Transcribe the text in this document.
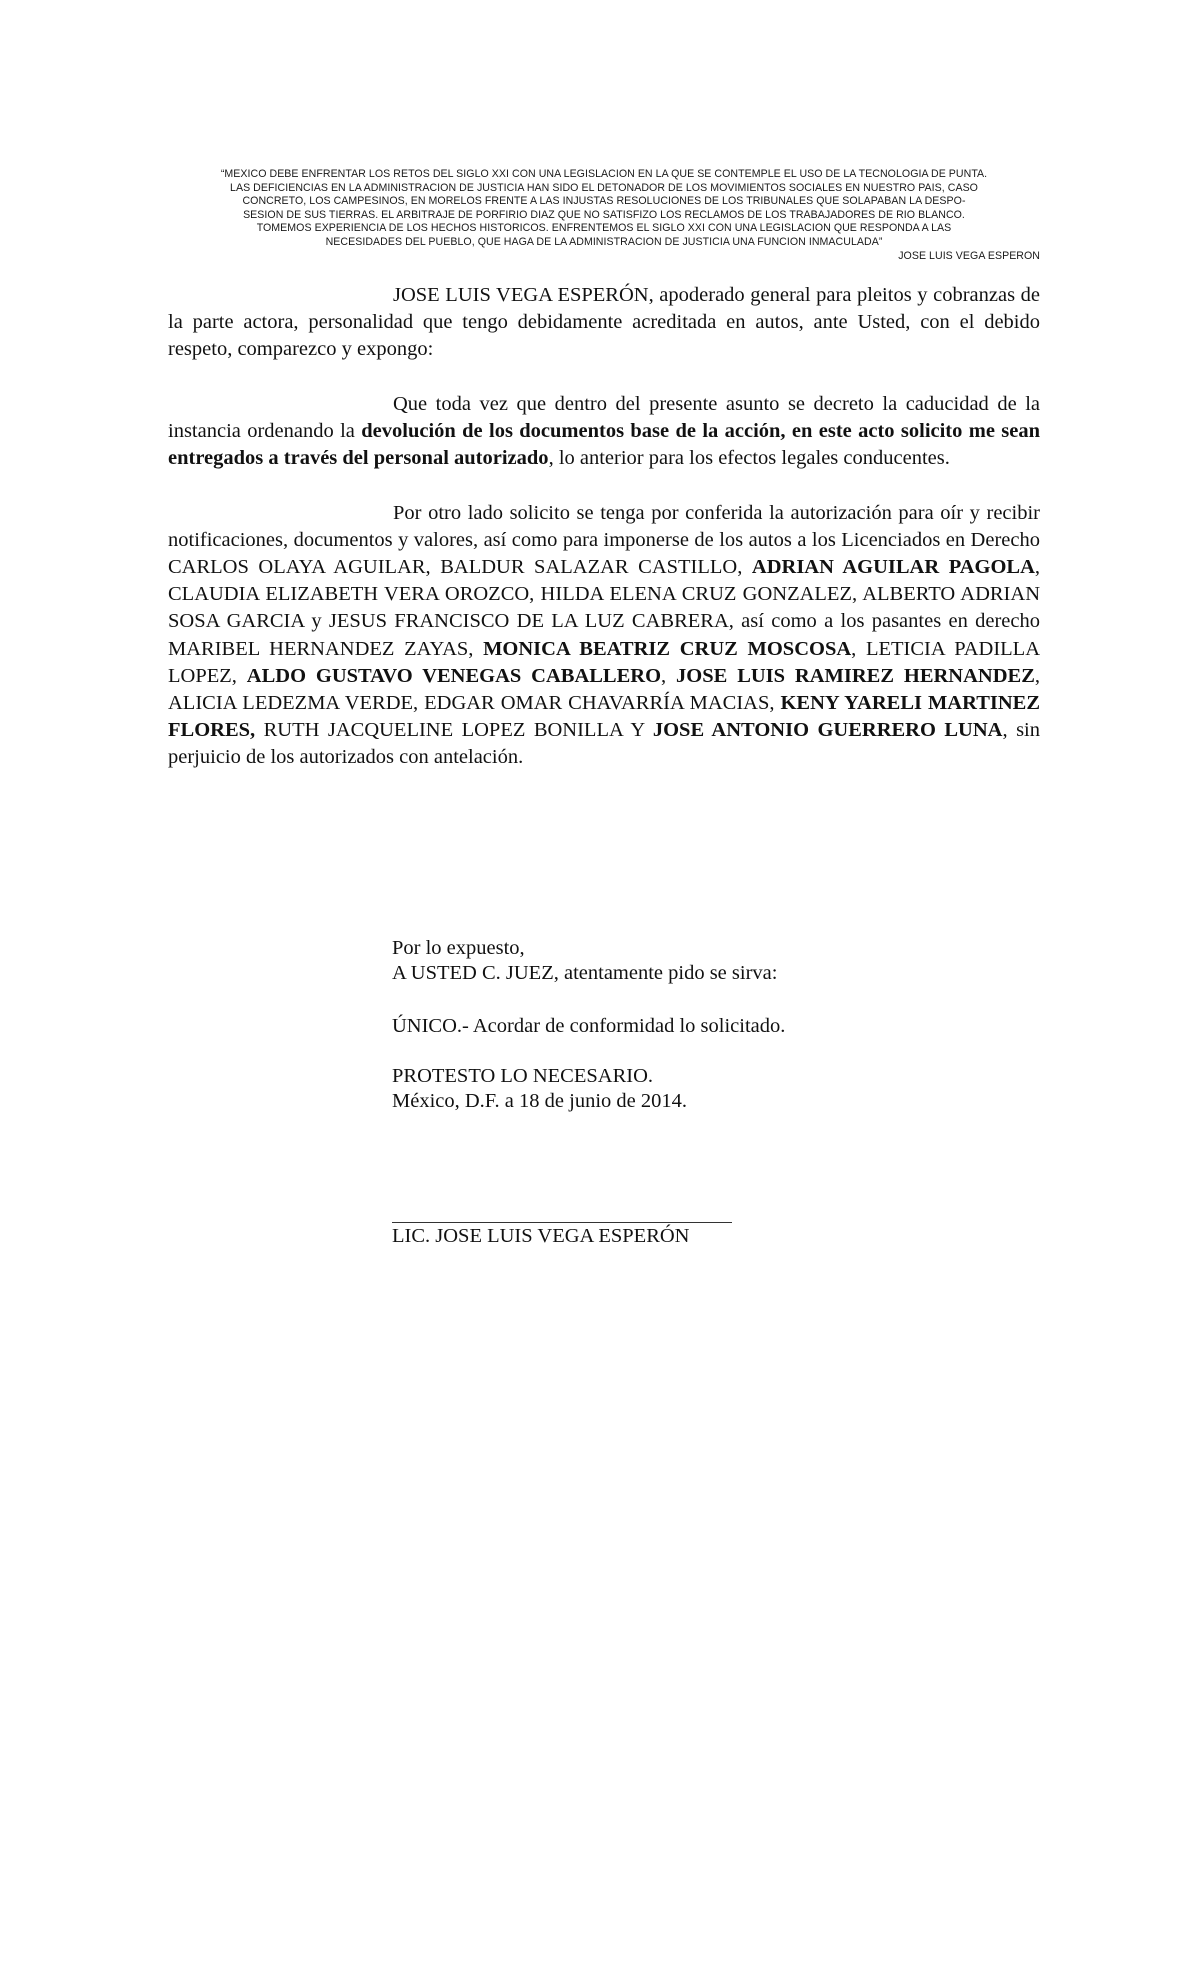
“MEXICO DEBE ENFRENTAR LOS RETOS DEL SIGLO XXI CON UNA LEGISLACION EN LA QUE SE CONTEMPLE EL USO DE LA TECNOLOGIA DE PUNTA.
LAS DEFICIENCIAS EN LA ADMINISTRACION DE JUSTICIA HAN SIDO EL DETONADOR DE LOS MOVIMIENTOS SOCIALES EN NUESTRO PAIS, CASO
CONCRETO, LOS CAMPESINOS, EN MORELOS FRENTE A LAS INJUSTAS RESOLUCIONES DE LOS TRIBUNALES QUE SOLAPABAN LA DESPO-
SESION DE SUS TIERRAS. EL ARBITRAJE DE PORFIRIO DIAZ QUE NO SATISFIZO LOS RECLAMOS DE LOS TRABAJADORES DE RIO BLANCO.
TOMEMOS EXPERIENCIA DE LOS HECHOS HISTORICOS. ENFRENTEMOS EL SIGLO XXI CON UNA LEGISLACION QUE RESPONDA A LAS
NECESIDADES DEL PUEBLO, QUE HAGA DE LA ADMINISTRACION DE JUSTICIA UNA FUNCION INMACULADA”
JOSE LUIS VEGA ESPERON

JOSE LUIS VEGA ESPERÓN, apoderado general para pleitos y cobranzas de la parte actora, personalidad que tengo debidamente acreditada en autos, ante Usted, con el debido respeto, comparezco y expongo:

Que toda vez que dentro del presente asunto se decreto la caducidad de la instancia ordenando la devolución de los documentos base de la acción, en este acto solicito me sean entregados a través del personal autorizado, lo anterior para los efectos legales conducentes.

Por otro lado solicito se tenga por conferida la autorización para oír y recibir notificaciones, documentos y valores, así como para imponerse de los autos a los Licenciados en Derecho CARLOS OLAYA AGUILAR, BALDUR SALAZAR CASTILLO, ADRIAN AGUILAR PAGOLA, CLAUDIA ELIZABETH VERA OROZCO, HILDA ELENA CRUZ GONZALEZ, ALBERTO ADRIAN SOSA GARCIA y JESUS FRANCISCO DE LA LUZ CABRERA, así como a los pasantes en derecho MARIBEL HERNANDEZ ZAYAS, MONICA BEATRIZ CRUZ MOSCOSA, LETICIA PADILLA LOPEZ, ALDO GUSTAVO VENEGAS CABALLERO, JOSE LUIS RAMIREZ HERNANDEZ, ALICIA LEDEZMA VERDE, EDGAR OMAR CHAVARRÍA MACIAS, KENY YARELI MARTINEZ FLORES, RUTH JACQUELINE LOPEZ BONILLA Y JOSE ANTONIO GUERRERO LUNA, sin perjuicio de los autorizados con antelación.

Por lo expuesto,
A USTED C. JUEZ, atentamente pido se sirva:
ÚNICO.- Acordar de conformidad lo solicitado.
PROTESTO LO NECESARIO.
México, D.F. a 18 de junio de 2014.
LIC. JOSE LUIS VEGA ESPERÓN
